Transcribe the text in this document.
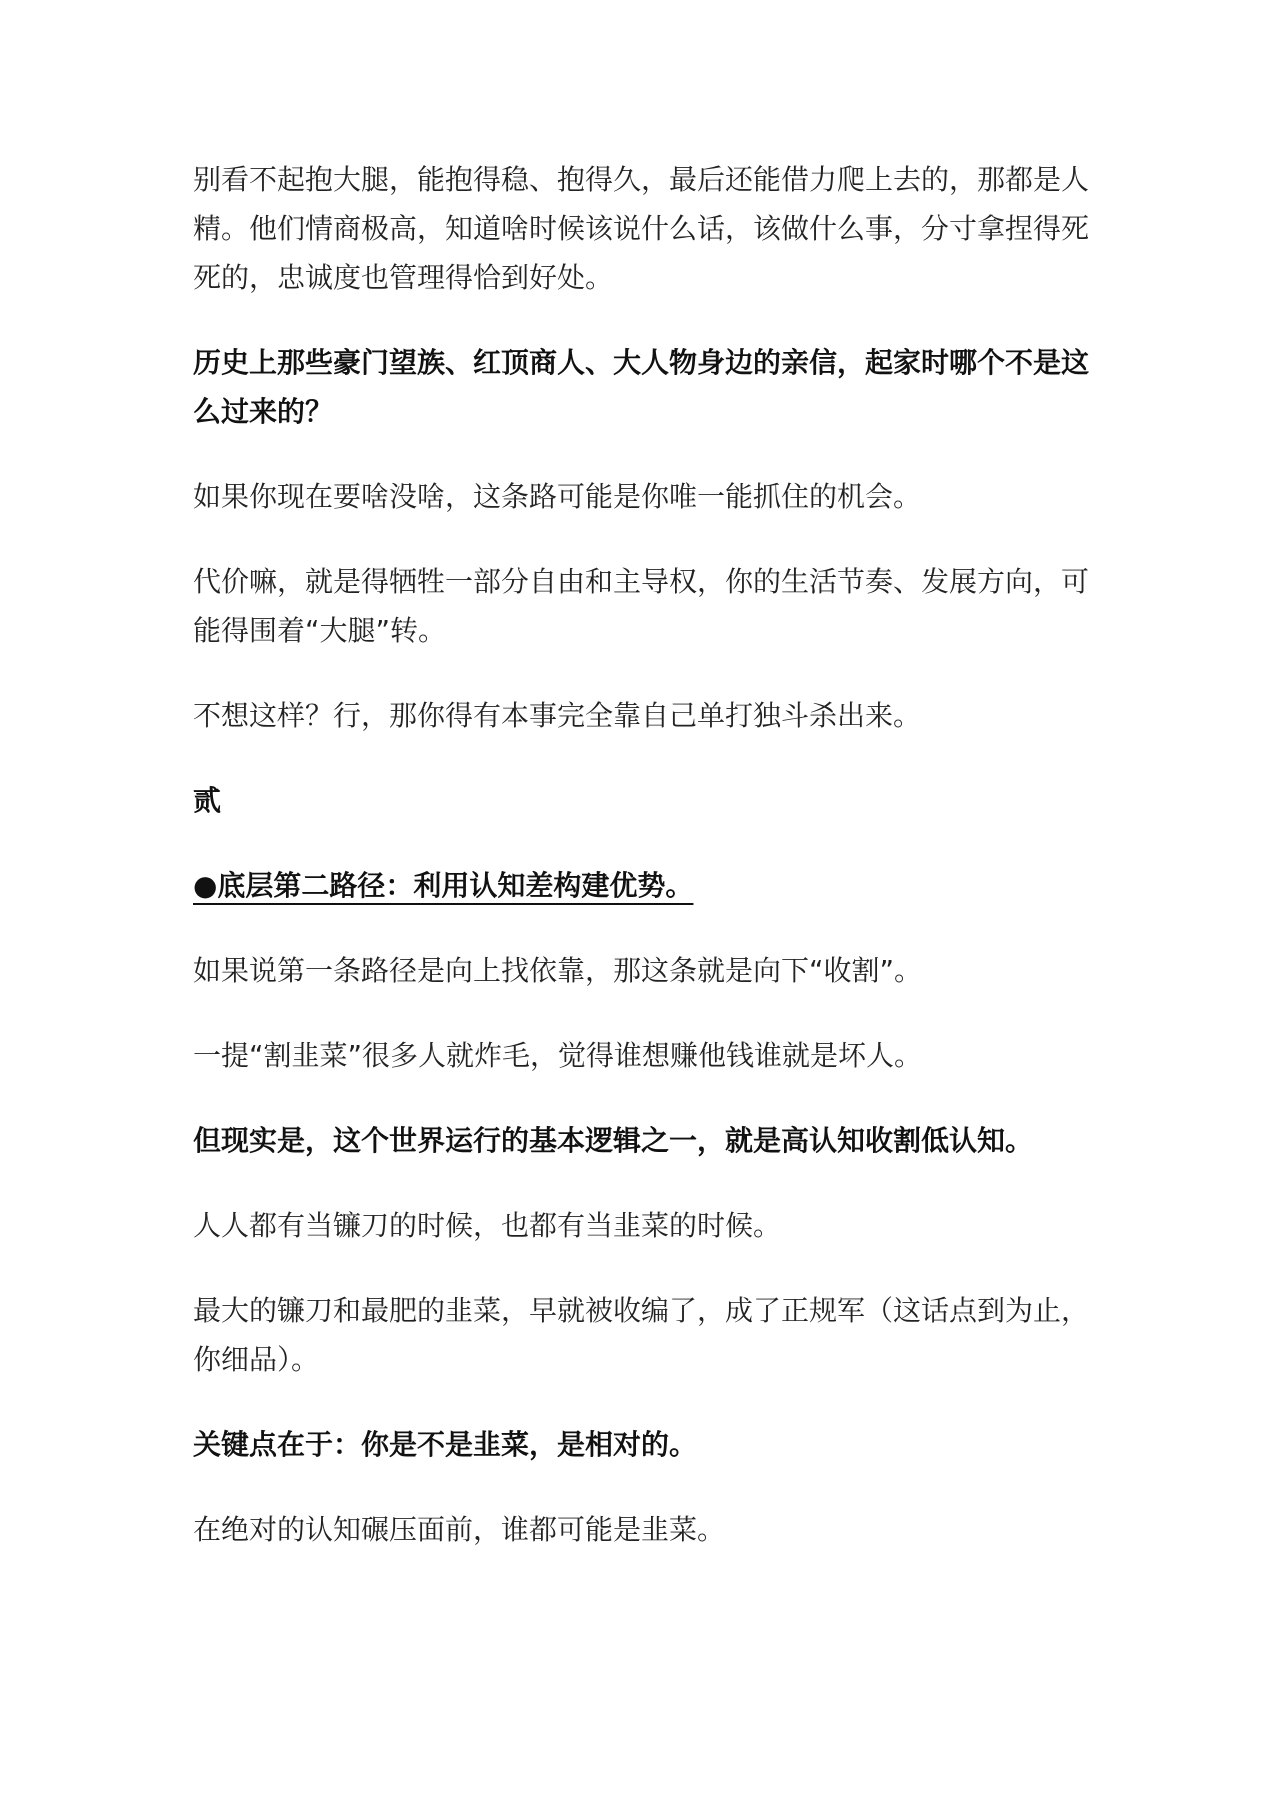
别看不起抱大腿，能抱得稳、抱得久，最后还能借力爬上去的，那都是人精。他们情商极高，知道啥时候该说什么话，该做什么事，分寸拿捏得死死的，忠诚度也管理得恰到好处。

历史上那些豪门望族、红顶商人、大人物身边的亲信，起家时哪个不是这么过来的？

如果你现在要啥没啥，这条路可能是你唯一能抓住的机会。

代价嘛，就是得牺牲一部分自由和主导权，你的生活节奏、发展方向，可能得围着“大腿”转。

不想这样？行，那你得有本事完全靠自己单打独斗杀出来。

贰

●底层第二路径：利用认知差构建优势。

如果说第一条路径是向上找依靠，那这条就是向下“收割”。

一提“割韭菜”很多人就炸毛，觉得谁想赚他钱谁就是坏人。

但现实是，这个世界运行的基本逻辑之一，就是高认知收割低认知。

人人都有当镰刀的时候，也都有当韭菜的时候。

最大的镰刀和最肥的韭菜，早就被收编了，成了正规军（这话点到为止，你细品）。

关键点在于：你是不是韭菜，是相对的。

在绝对的认知碾压面前，谁都可能是韭菜。
